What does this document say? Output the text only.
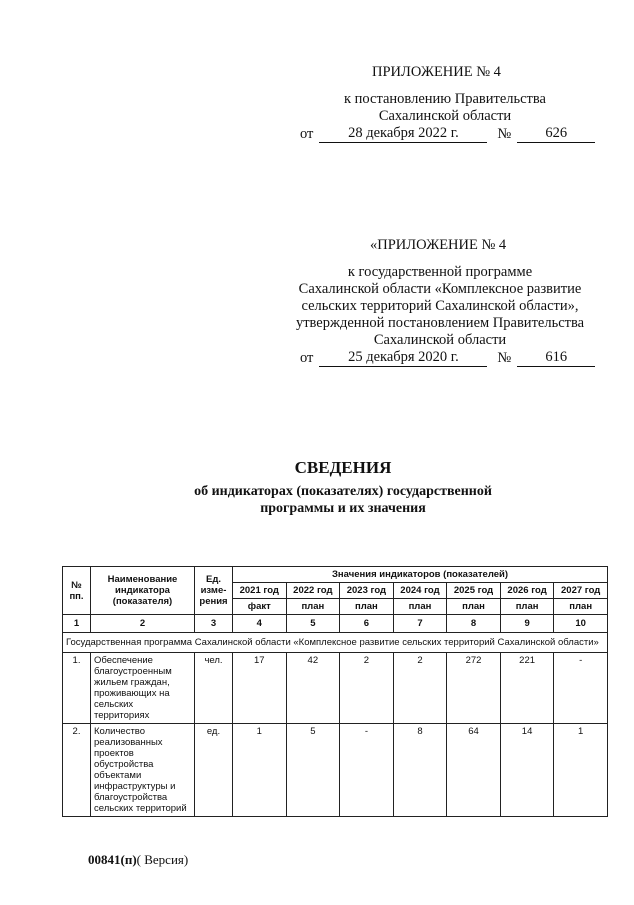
ПРИЛОЖЕНИЕ № 4
к постановлению Правительства
Сахалинской области
от	28 декабря 2022 г.	№	626
«ПРИЛОЖЕНИЕ № 4
к государственной программе
Сахалинской области «Комплексное развитие
сельских территорий Сахалинской области»,
утвержденной постановлением Правительства
Сахалинской области
от	25 декабря 2020 г.	№	616
СВЕДЕНИЯ
об индикаторах (показателях) государственной
программы и их значения
№ пп.	Наименование индикатора (показателя)	Ед. изме- рения	Значения индикаторов (показателей)						
			2021 год	2022 год	2023 год	2024 год	2025 год	2026 год	2027 год
			факт	план	план	план	план	план	план
1	2	3	4	5	6	7	8	9	10
Государственная программа Сахалинской области «Комплексное развитие сельских территорий Сахалинской области»									
1.	Обеспечение благоустроенным жильем граждан, проживающих на сельских территориях	чел.	17	42	2	2	272	221	-
2.	Количество реализованных проектов обустройства объектами инфраструктуры и благоустройства сельских территорий	ед.	1	5	-	8	64	14	1
00841(п)( Версия)
